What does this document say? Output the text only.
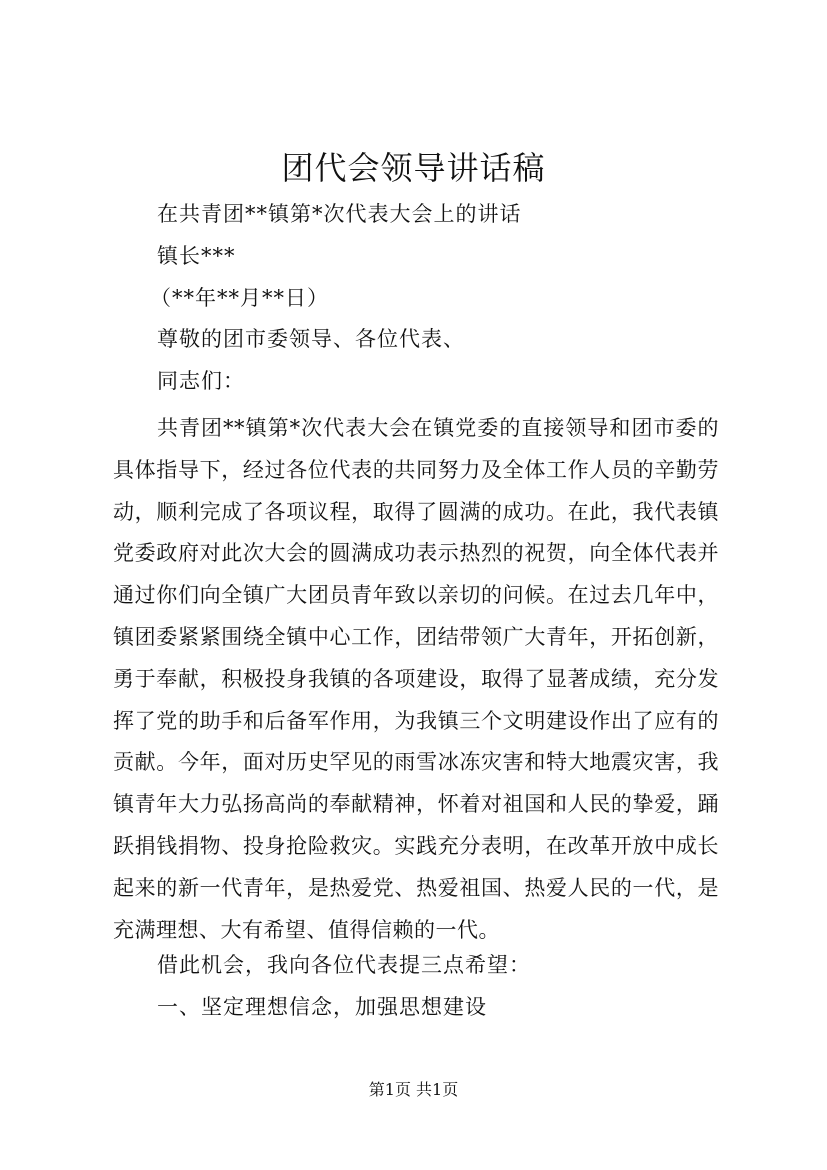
团代会领导讲话稿
在共青团**镇第*次代表大会上的讲话
镇长***
（**年**月**日）
尊敬的团市委领导、各位代表、
同志们：
共青团**镇第*次代表大会在镇党委的直接领导和团市委的具体指导下，经过各位代表的共同努力及全体工作人员的辛勤劳动，顺利完成了各项议程，取得了圆满的成功。在此，我代表镇党委政府对此次大会的圆满成功表示热烈的祝贺，向全体代表并通过你们向全镇广大团员青年致以亲切的问候。在过去几年中，镇团委紧紧围绕全镇中心工作，团结带领广大青年，开拓创新，勇于奉献，积极投身我镇的各项建设，取得了显著成绩，充分发挥了党的助手和后备军作用，为我镇三个文明建设作出了应有的贡献。今年，面对历史罕见的雨雪冰冻灾害和特大地震灾害，我镇青年大力弘扬高尚的奉献精神，怀着对祖国和人民的挚爱，踊跃捐钱捐物、投身抢险救灾。实践充分表明，在改革开放中成长起来的新一代青年，是热爱党、热爱祖国、热爱人民的一代，是充满理想、大有希望、值得信赖的一代。
借此机会，我向各位代表提三点希望：
一、坚定理想信念，加强思想建设
第1页 共1页
